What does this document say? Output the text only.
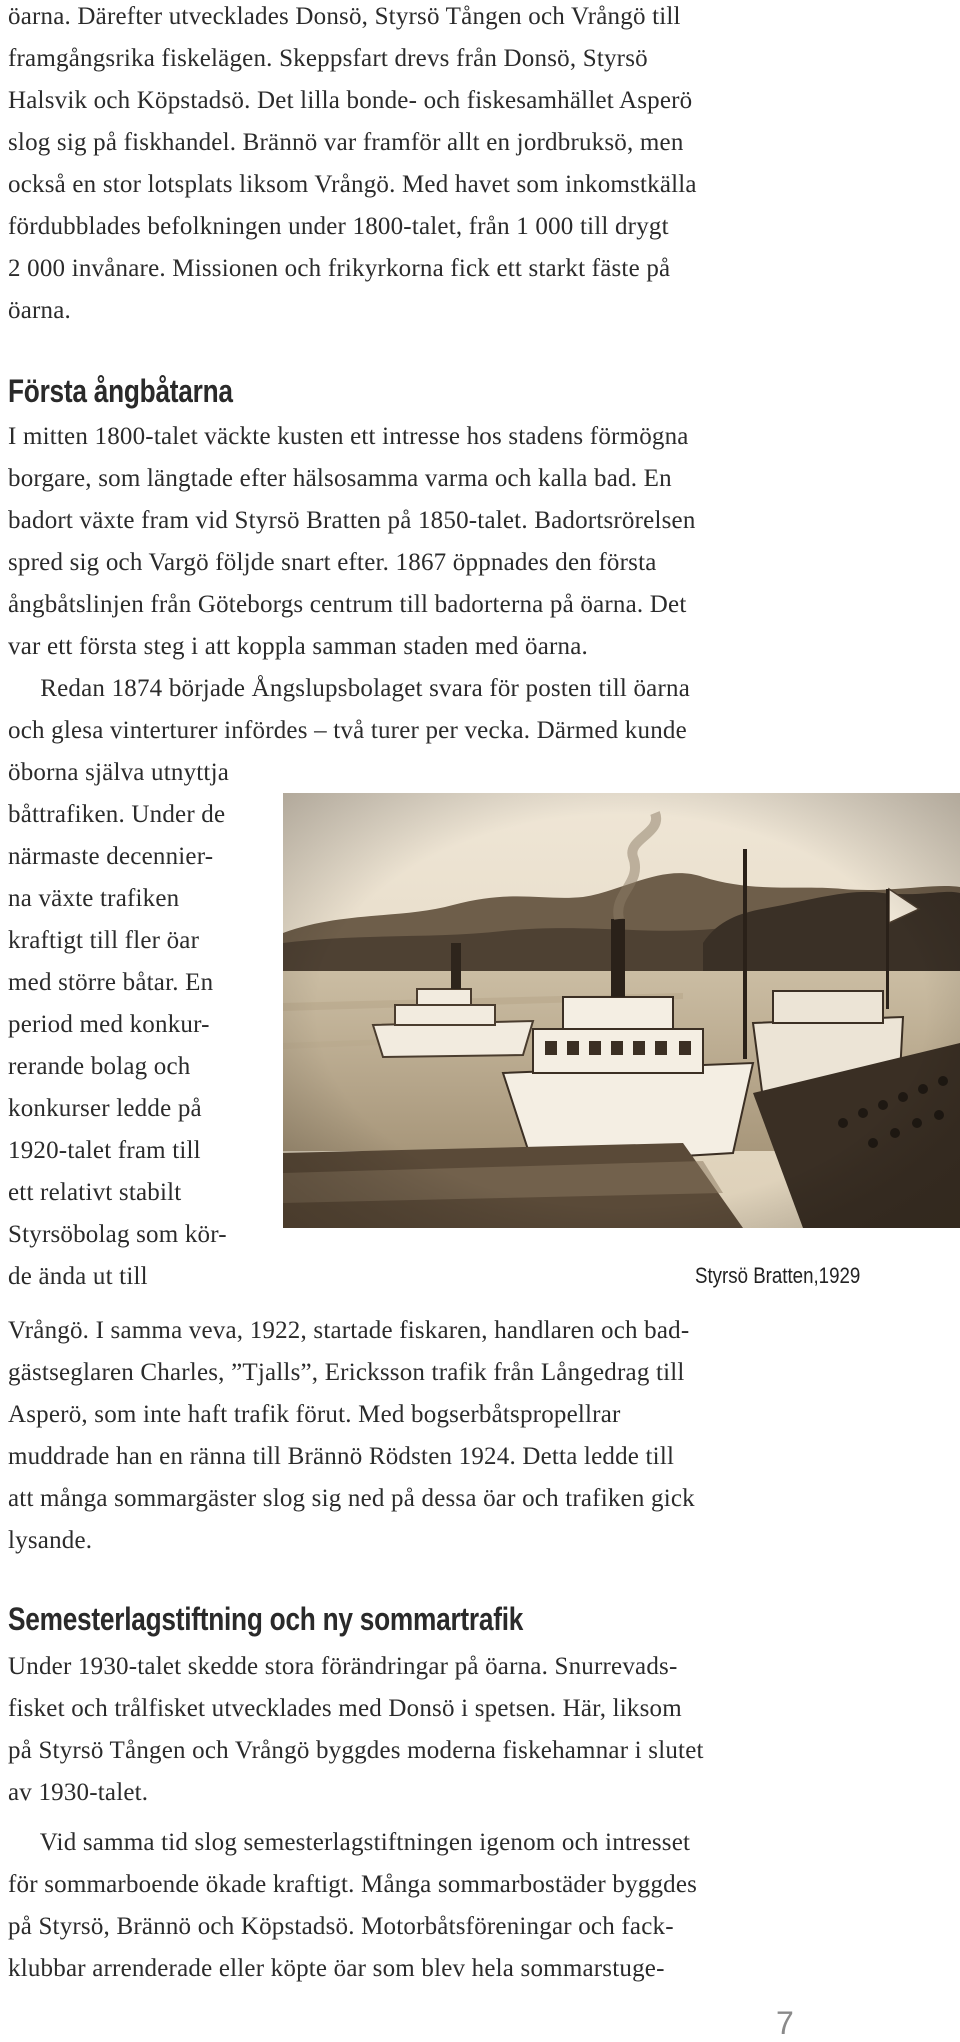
öarna. Därefter utvecklades Donsö, Styrsö Tången och Vrångö till

framgångsrika fiskelägen. Skeppsfart drevs från Donsö, Styrsö

Halsvik och Köpstadsö. Det lilla bonde- och fiskesamhället Asperö

slog sig på fiskhandel. Brännö var framför allt en jordbruksö, men

också en stor lotsplats liksom Vrångö. Med havet som inkomstkälla

fördubblades befolkningen under 1800-talet, från 1 000 till drygt

2 000 invånare. Missionen och frikyrkorna fick ett starkt fäste på

öarna.

Första ångbåtarna

I mitten 1800-talet väckte kusten ett intresse hos stadens förmögna

borgare, som längtade efter hälsosamma varma och kalla bad. En

badort växte fram vid Styrsö Bratten på 1850-talet. Badortsrörelsen

spred sig och Vargö följde snart efter. 1867 öppnades den första

ångbåtslinjen från Göteborgs centrum till badorterna på öarna. Det

var ett första steg i att koppla samman staden med öarna.

Redan 1874 började Ångslupsbolaget svara för posten till öarna

och glesa vinterturer infördes – två turer per vecka. Därmed kunde

öborna själva utnyttja

båttrafiken. Under de

närmaste decennier-

na växte trafiken

kraftigt till fler öar

med större båtar. En

period med konkur-

rerande bolag och

konkurser ledde på

1920-talet fram till

ett relativt stabilt

Styrsöbolag som kör-

de ända ut till

Vrångö. I samma veva, 1922, startade fiskaren, handlaren och bad-

gästseglaren Charles, ”Tjalls”, Ericksson trafik från Långedrag till

Asperö, som inte haft trafik förut. Med bogserbåtspropellrar

muddrade han en ränna till Brännö Rödsten 1924. Detta ledde till

att många sommargäster slog sig ned på dessa öar och trafiken gick

lysande.

Styrsö Bratten,1929

Semesterlagstiftning och ny sommartrafik

Under 1930-talet skedde stora förändringar på öarna. Snurrevads-

fisket och trålfisket utvecklades med Donsö i spetsen. Här, liksom

på Styrsö Tången och Vrångö byggdes moderna fiskehamnar i slutet

av 1930-talet.

Vid samma tid slog semesterlagstiftningen igenom och intresset

för sommarboende ökade kraftigt. Många sommarbostäder byggdes

på Styrsö, Brännö och Köpstadsö. Motorbåtsföreningar och fack-

klubbar arrenderade eller köpte öar som blev hela sommarstuge-

7
